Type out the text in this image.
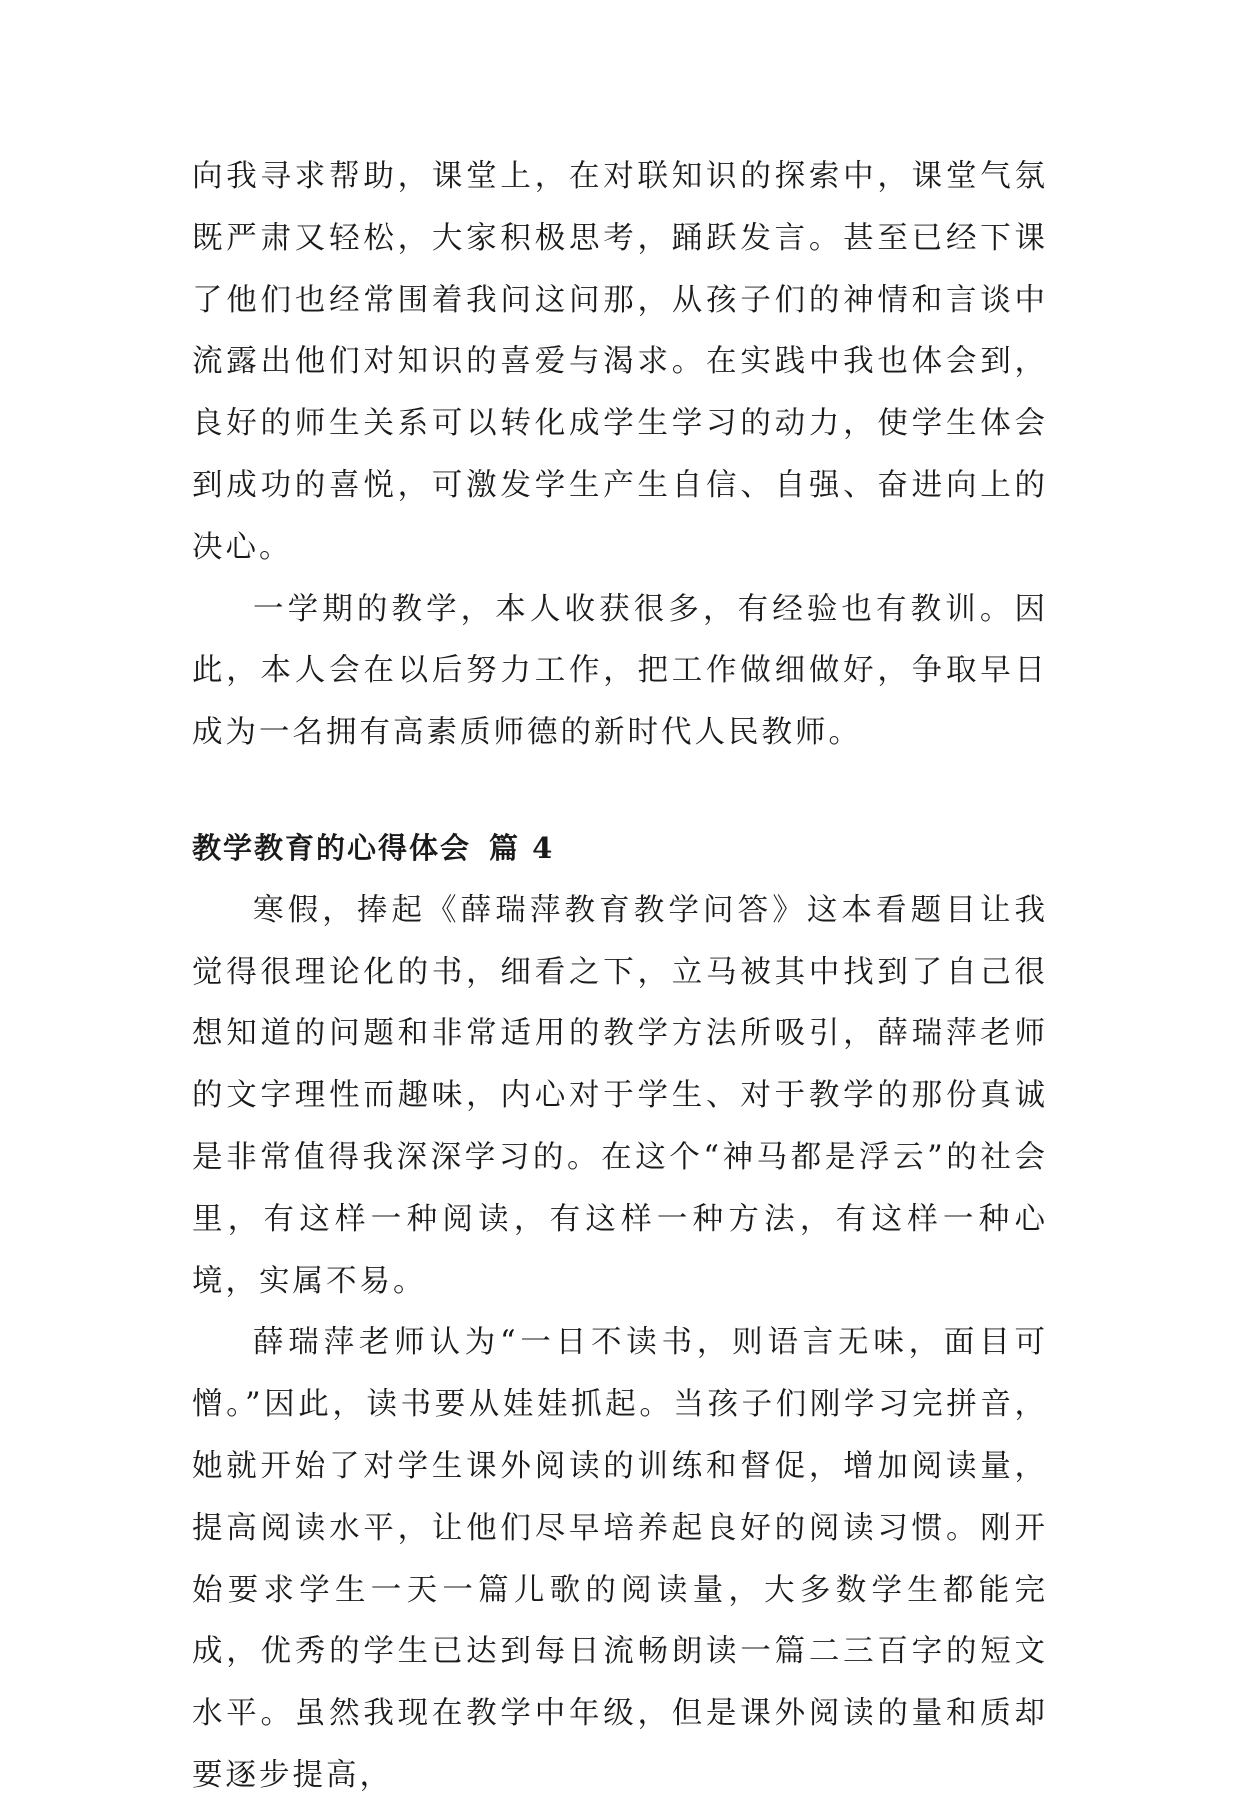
向我寻求帮助，课堂上，在对联知识的探索中，课堂气氛既严肃又轻松，大家积极思考，踊跃发言。甚至已经下课了他们也经常围着我问这问那，从孩子们的神情和言谈中流露出他们对知识的喜爱与渴求。在实践中我也体会到，良好的师生关系可以转化成学生学习的动力，使学生体会到成功的喜悦，可激发学生产生自信、自强、奋进向上的决心。

一学期的教学，本人收获很多，有经验也有教训。因此，本人会在以后努力工作，把工作做细做好，争取早日成为一名拥有高素质师德的新时代人民教师。

教学教育的心得体会 篇 4

寒假，捧起《薛瑞萍教育教学问答》这本看题目让我觉得很理论化的书，细看之下，立马被其中找到了自己很想知道的问题和非常适用的教学方法所吸引，薛瑞萍老师的文字理性而趣味，内心对于学生、对于教学的那份真诚是非常值得我深深学习的。在这个“神马都是浮云”的社会里，有这样一种阅读，有这样一种方法，有这样一种心境，实属不易。

薛瑞萍老师认为“一日不读书，则语言无味，面目可憎。”因此，读书要从娃娃抓起。当孩子们刚学习完拼音，她就开始了对学生课外阅读的训练和督促，增加阅读量，提高阅读水平，让他们尽早培养起良好的阅读习惯。刚开始要求学生一天一篇儿歌的阅读量，大多数学生都能完成，优秀的学生已达到每日流畅朗读一篇二三百字的短文水平。虽然我现在教学中年级，但是课外阅读的量和质却要逐步提高，
